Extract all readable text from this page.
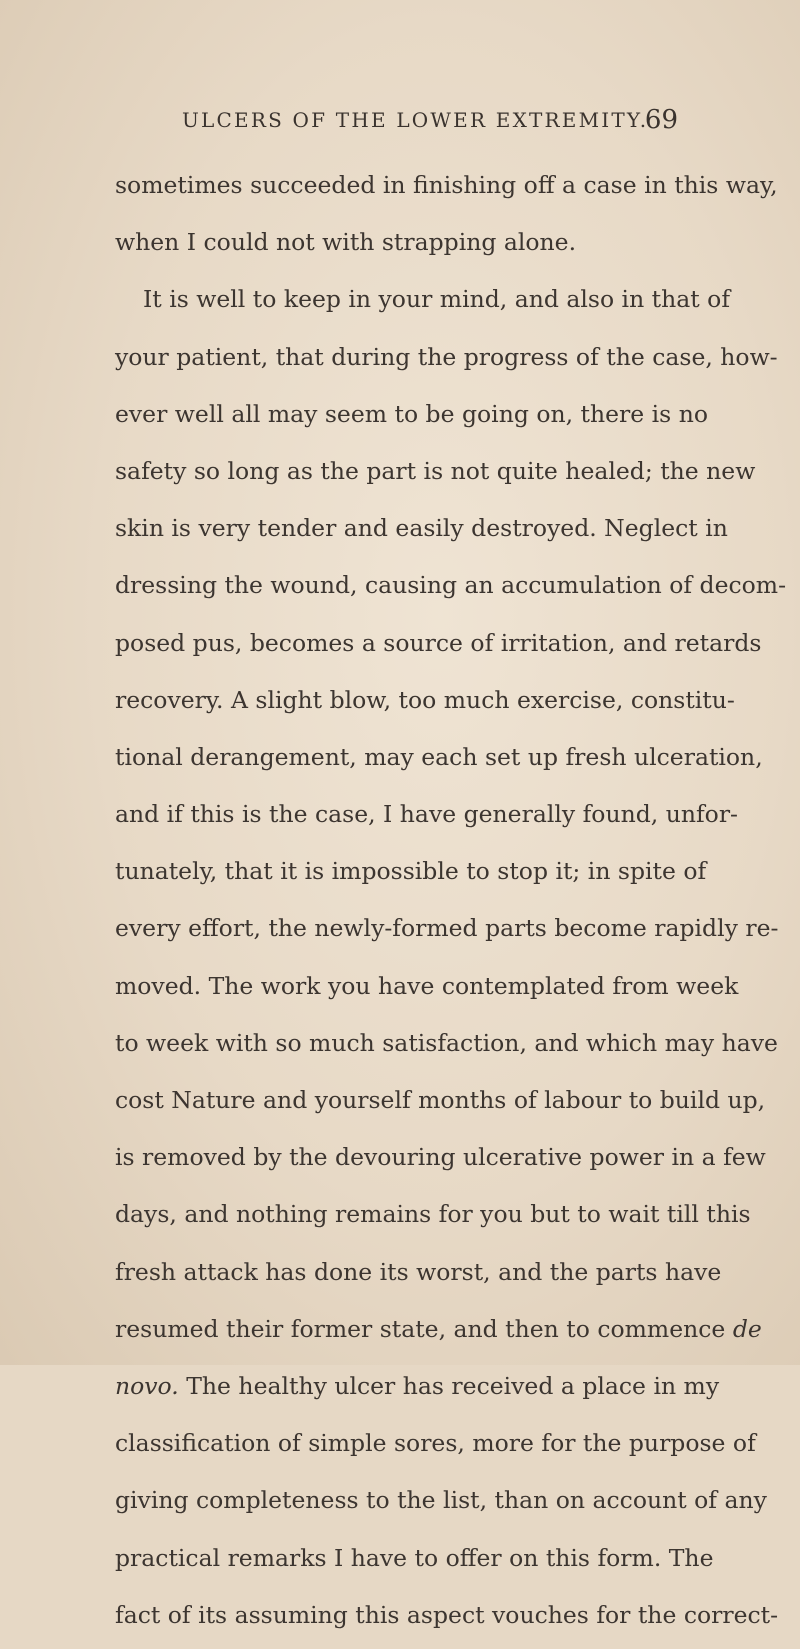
ULCERS OF THE LOWER EXTREMITY.
69
sometimes succeeded in finishing off a case in this way,
when I could not with strapping alone.
It is well to keep in your mind, and also in that of
your patient, that during the progress of the case, how-
ever well all may seem to be going on, there is no
safety so long as the part is not quite healed; the new
skin is very tender and easily destroyed. Neglect in
dressing the wound, causing an accumulation of decom-
posed pus, becomes a source of irritation, and retards
recovery. A slight blow, too much exercise, constitu-
tional derangement, may each set up fresh ulceration,
and if this is the case, I have generally found, unfor-
tunately, that it is impossible to stop it; in spite of
every effort, the newly-formed parts become rapidly re-
moved. The work you have contemplated from week
to week with so much satisfaction, and which may have
cost Nature and yourself months of labour to build up,
is removed by the devouring ulcerative power in a few
days, and nothing remains for you but to wait till this
fresh attack has done its worst, and the parts have
resumed their former state, and then to commence de
novo. The healthy ulcer has received a place in my
classification of simple sores, more for the purpose of
giving completeness to the list, than on account of any
practical remarks I have to offer on this form. The
fact of its assuming this aspect vouches for the correct-
